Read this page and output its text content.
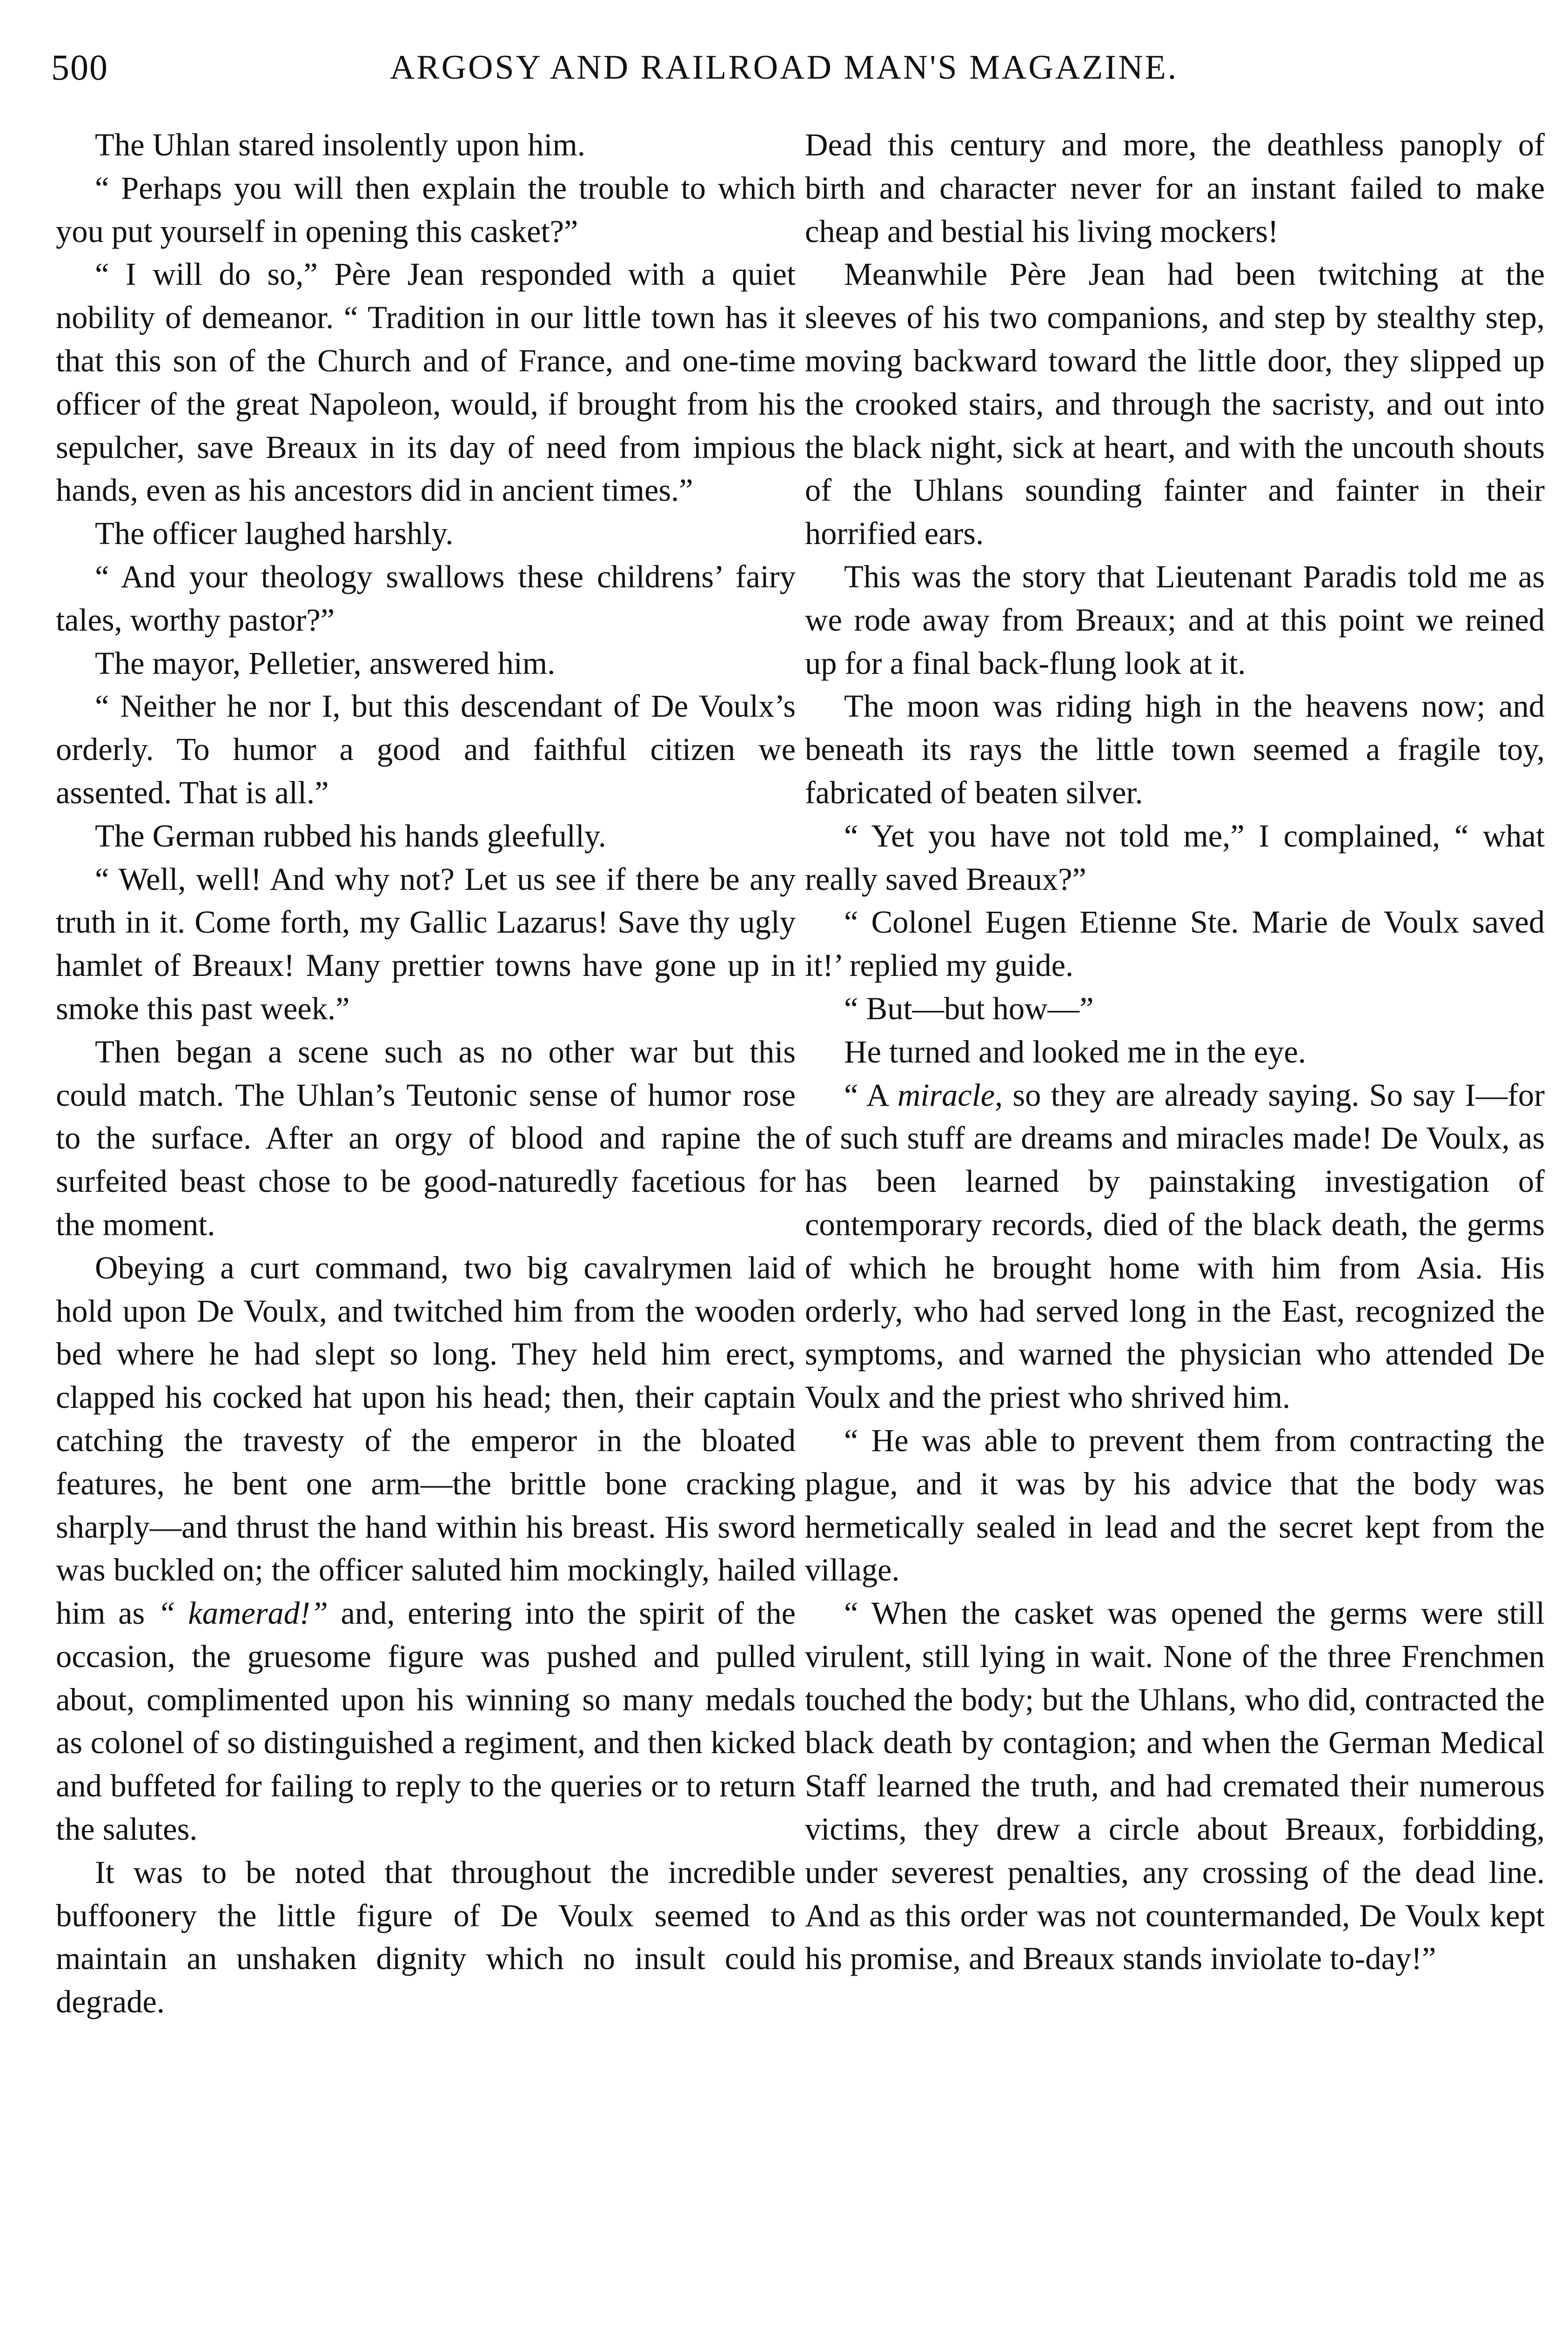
500	ARGOSY AND RAILROAD MAN'S MAGAZINE.

The Uhlan stared insolently upon him.

“ Perhaps you will then explain the trouble to which you put yourself in opening this casket?”

“ I will do so,” Père Jean responded with a quiet nobility of demeanor. “ Tradition in our little town has it that this son of the Church and of France, and one-time officer of the great Napoleon, would, if brought from his sepulcher, save Breaux in its day of need from impious hands, even as his ancestors did in ancient times.”

The officer laughed harshly.

“ And your theology swallows these childrens’ fairy tales, worthy pastor?”

The mayor, Pelletier, answered him.

“ Neither he nor I, but this descendant of De Voulx’s orderly. To humor a good and faithful citizen we assented. That is all.”

The German rubbed his hands gleefully.

“ Well, well! And why not? Let us see if there be any truth in it. Come forth, my Gallic Lazarus! Save thy ugly hamlet of Breaux! Many prettier towns have gone up in smoke this past week.”

Then began a scene such as no other war but this could match. The Uhlan’s Teutonic sense of humor rose to the surface. After an orgy of blood and rapine the surfeited beast chose to be good-naturedly facetious for the moment.

Obeying a curt command, two big cavalrymen laid hold upon De Voulx, and twitched him from the wooden bed where he had slept so long. They held him erect, clapped his cocked hat upon his head; then, their captain catching the travesty of the emperor in the bloated features, he bent one arm—the brittle bone cracking sharply—and thrust the hand within his breast. His sword was buckled on; the officer saluted him mockingly, hailed him as “ kamerad!” and, entering into the spirit of the occasion, the gruesome figure was pushed and pulled about, complimented upon his winning so many medals as colonel of so distinguished a regiment, and then kicked and buffeted for failing to reply to the queries or to return the salutes.

It was to be noted that throughout the incredible buffoonery the little figure of De Voulx seemed to maintain an unshaken dignity which no insult could degrade.

Dead this century and more, the deathless panoply of birth and character never for an instant failed to make cheap and bestial his living mockers!

Meanwhile Père Jean had been twitching at the sleeves of his two companions, and step by stealthy step, moving backward toward the little door, they slipped up the crooked stairs, and through the sacristy, and out into the black night, sick at heart, and with the uncouth shouts of the Uhlans sounding fainter and fainter in their horrified ears.

This was the story that Lieutenant Paradis told me as we rode away from Breaux; and at this point we reined up for a final back-flung look at it.

The moon was riding high in the heavens now; and beneath its rays the little town seemed a fragile toy, fabricated of beaten silver.

“ Yet you have not told me,” I complained, “ what really saved Breaux?”

“ Colonel Eugen Etienne Ste. Marie de Voulx saved it!’ replied my guide.

“ But—but how—”

He turned and looked me in the eye.

“ A miracle, so they are already saying. So say I—for of such stuff are dreams and miracles made! De Voulx, as has been learned by painstaking investigation of contemporary records, died of the black death, the germs of which he brought home with him from Asia. His orderly, who had served long in the East, recognized the symptoms, and warned the physician who attended De Voulx and the priest who shrived him.

“ He was able to prevent them from contracting the plague, and it was by his advice that the body was hermetically sealed in lead and the secret kept from the village.

“ When the casket was opened the germs were still virulent, still lying in wait. None of the three Frenchmen touched the body; but the Uhlans, who did, contracted the black death by contagion; and when the German Medical Staff learned the truth, and had cremated their numerous victims, they drew a circle about Breaux, forbidding, under severest penalties, any crossing of the dead line. And as this order was not countermanded, De Voulx kept his promise, and Breaux stands inviolate to-day!”
